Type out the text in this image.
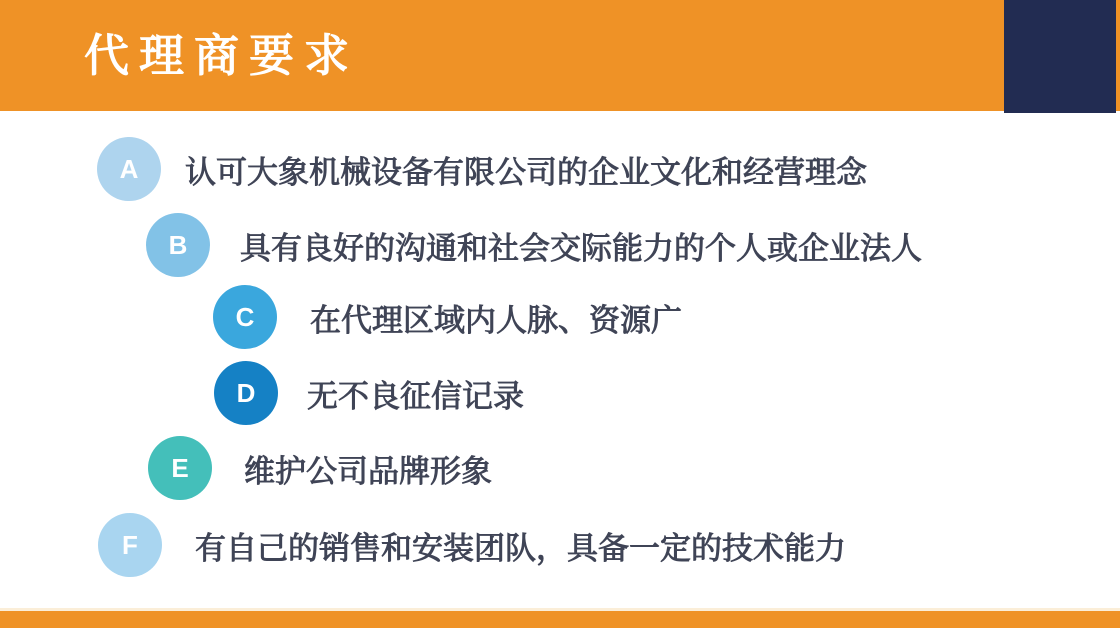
代理商要求
A 认可大象机械设备有限公司的企业文化和经营理念
B 具有良好的沟通和社会交际能力的个人或企业法人
C 在代理区域内人脉、资源广
D 无不良征信记录
E 维护公司品牌形象
F 有自己的销售和安装团队，具备一定的技术能力
